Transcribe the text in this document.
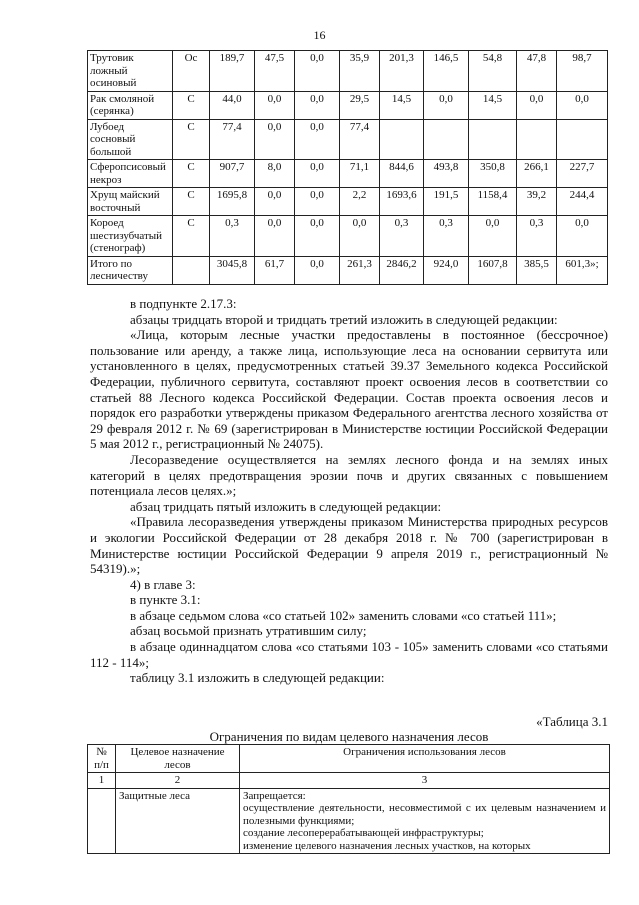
16
Трутовик ложный осиновый	Ос	189,7	47,5	0,0	35,9	201,3	146,5	54,8	47,8	98,7
Рак смоляной (серянка)	С	44,0	0,0	0,0	29,5	14,5	0,0	14,5	0,0	0,0
Лубоед сосновый большой	С	77,4	0,0	0,0	77,4					
Сферопсисовый некроз	С	907,7	8,0	0,0	71,1	844,6	493,8	350,8	266,1	227,7
Хрущ майский восточный	С	1695,8	0,0	0,0	2,2	1693,6	191,5	1158,4	39,2	244,4
Короед шестизубчатый (стенограф)	С	0,3	0,0	0,0	0,0	0,3	0,3	0,0	0,3	0,0
Итого по лесничеству		3045,8	61,7	0,0	261,3	2846,2	924,0	1607,8	385,5	601,3»;

в подпункте 2.17.3:

абзацы тридцать второй и тридцать третий изложить в следующей редакции:

«Лица, которым лесные участки предоставлены в постоянное (бессрочное) пользование или аренду, а также лица, использующие леса на основании сервитута или установленного в целях, предусмотренных статьей 39.37 Земельного кодекса Российской Федерации, публичного сервитута, составляют проект освоения лесов в соответствии со статьей 88 Лесного кодекса Российской Федерации. Состав проекта освоения лесов и порядок его разработки утверждены приказом Федерального агентства лесного хозяйства от 29 февраля 2012 г. № 69 (зарегистрирован в Министерстве юстиции Российской Федерации 5 мая 2012 г., регистрационный № 24075).

Лесоразведение осуществляется на землях лесного фонда и на землях иных категорий в целях предотвращения эрозии почв и других связанных с повышением потенциала лесов целях.»;

абзац тридцать пятый изложить в следующей редакции:

«Правила лесоразведения утверждены приказом Министерства природных ресурсов и экологии Российской Федерации от 28 декабря 2018 г. № 700 (зарегистрирован в Министерстве юстиции Российской Федерации 9 апреля 2019 г., регистрационный № 54319).»;

4) в главе 3:

в пункте 3.1:

в абзаце седьмом слова «со статьей 102» заменить словами «со статьей 111»;

абзац восьмой признать утратившим силу;

в абзаце одиннадцатом слова «со статьями 103 - 105» заменить словами «со статьями 112 - 114»;

таблицу 3.1 изложить в следующей редакции:

«Таблица 3.1
Ограничения по видам целевого назначения лесов
№ п/п	Целевое назначение лесов	Ограничения использования лесов
1	2	3
	Защитные леса	Запрещается:
осуществление деятельности, несовместимой с их целевым назначением и полезными функциями;
создание лесоперерабатывающей инфраструктуры;
изменение целевого назначения лесных участков, на которых
